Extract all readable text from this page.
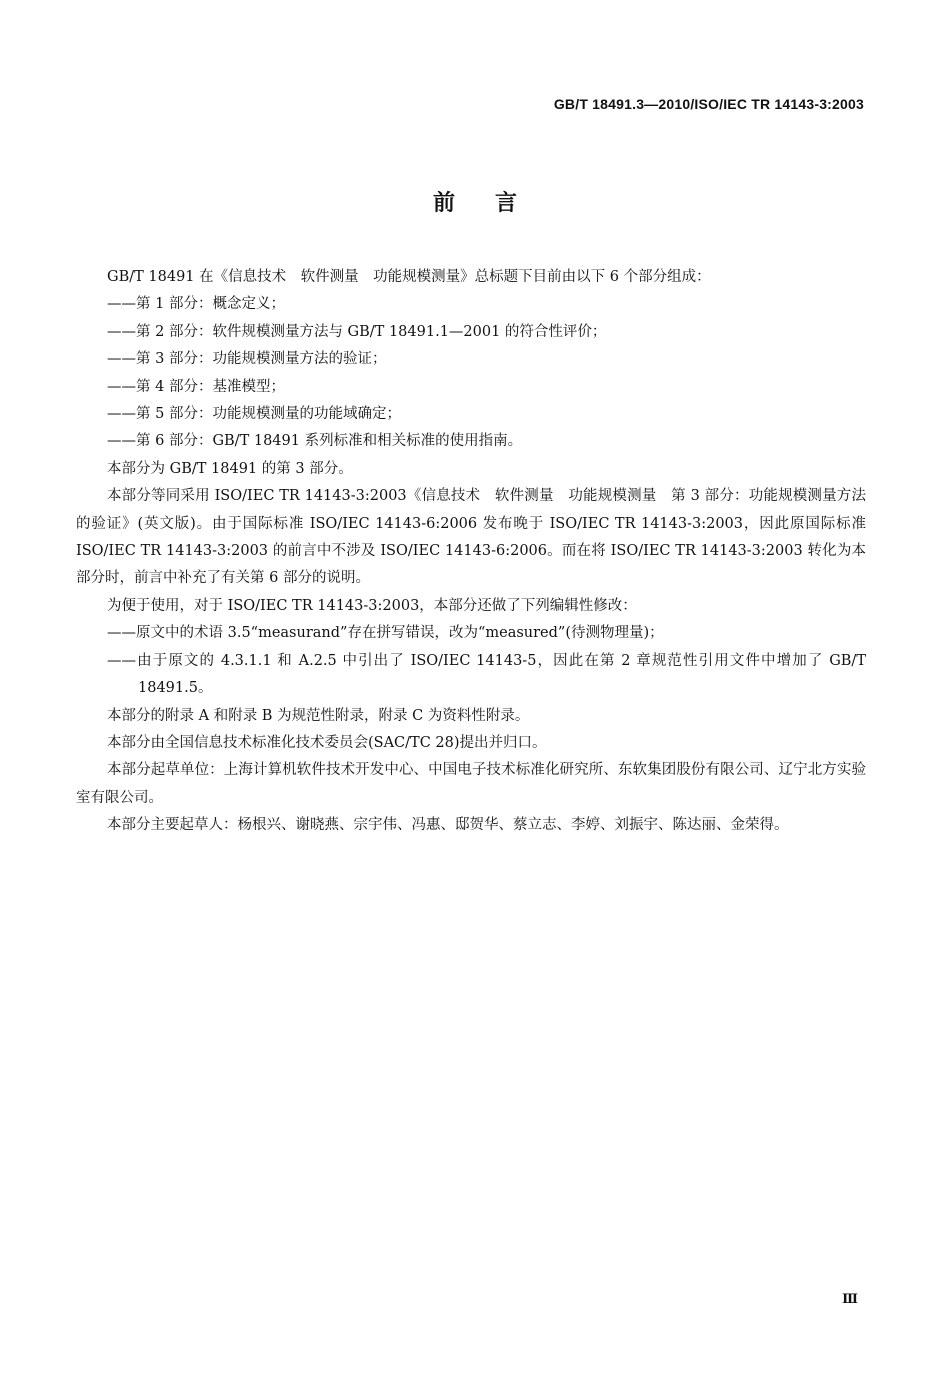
GB/T 18491.3—2010/ISO/IEC TR 14143-3:2003
前言

GB/T 18491 在《信息技术　软件测量　功能规模测量》总标题下目前由以下 6 个部分组成：

——第 1 部分：概念定义；

——第 2 部分：软件规模测量方法与 GB/T 18491.1—2001 的符合性评价；

——第 3 部分：功能规模测量方法的验证；

——第 4 部分：基准模型；

——第 5 部分：功能规模测量的功能域确定；

——第 6 部分：GB/T 18491 系列标准和相关标准的使用指南。

本部分为 GB/T 18491 的第 3 部分。

本部分等同采用 ISO/IEC TR 14143-3:2003《信息技术　软件测量　功能规模测量　第 3 部分：功能规模测量方法的验证》(英文版)。由于国际标准 ISO/IEC 14143-6:2006 发布晚于 ISO/IEC TR 14143-3:2003，因此原国际标准 ISO/IEC TR 14143-3:2003 的前言中不涉及 ISO/IEC 14143-6:2006。而在将 ISO/IEC TR 14143-3:2003 转化为本部分时，前言中补充了有关第 6 部分的说明。

为便于使用，对于 ISO/IEC TR 14143-3:2003，本部分还做了下列编辑性修改：

——原文中的术语 3.5“measurand”存在拼写错误，改为“measured”(待测物理量)；

——由于原文的 4.3.1.1 和 A.2.5 中引出了 ISO/IEC 14143-5，因此在第 2 章规范性引用文件中增加了 GB/T 18491.5。

本部分的附录 A 和附录 B 为规范性附录，附录 C 为资料性附录。

本部分由全国信息技术标准化技术委员会(SAC/TC 28)提出并归口。

本部分起草单位：上海计算机软件技术开发中心、中国电子技术标准化研究所、东软集团股份有限公司、辽宁北方实验室有限公司。

本部分主要起草人：杨根兴、谢晓燕、宗宇伟、冯惠、邸贺华、蔡立志、李婷、刘振宇、陈达丽、金荣得。

Ⅲ
